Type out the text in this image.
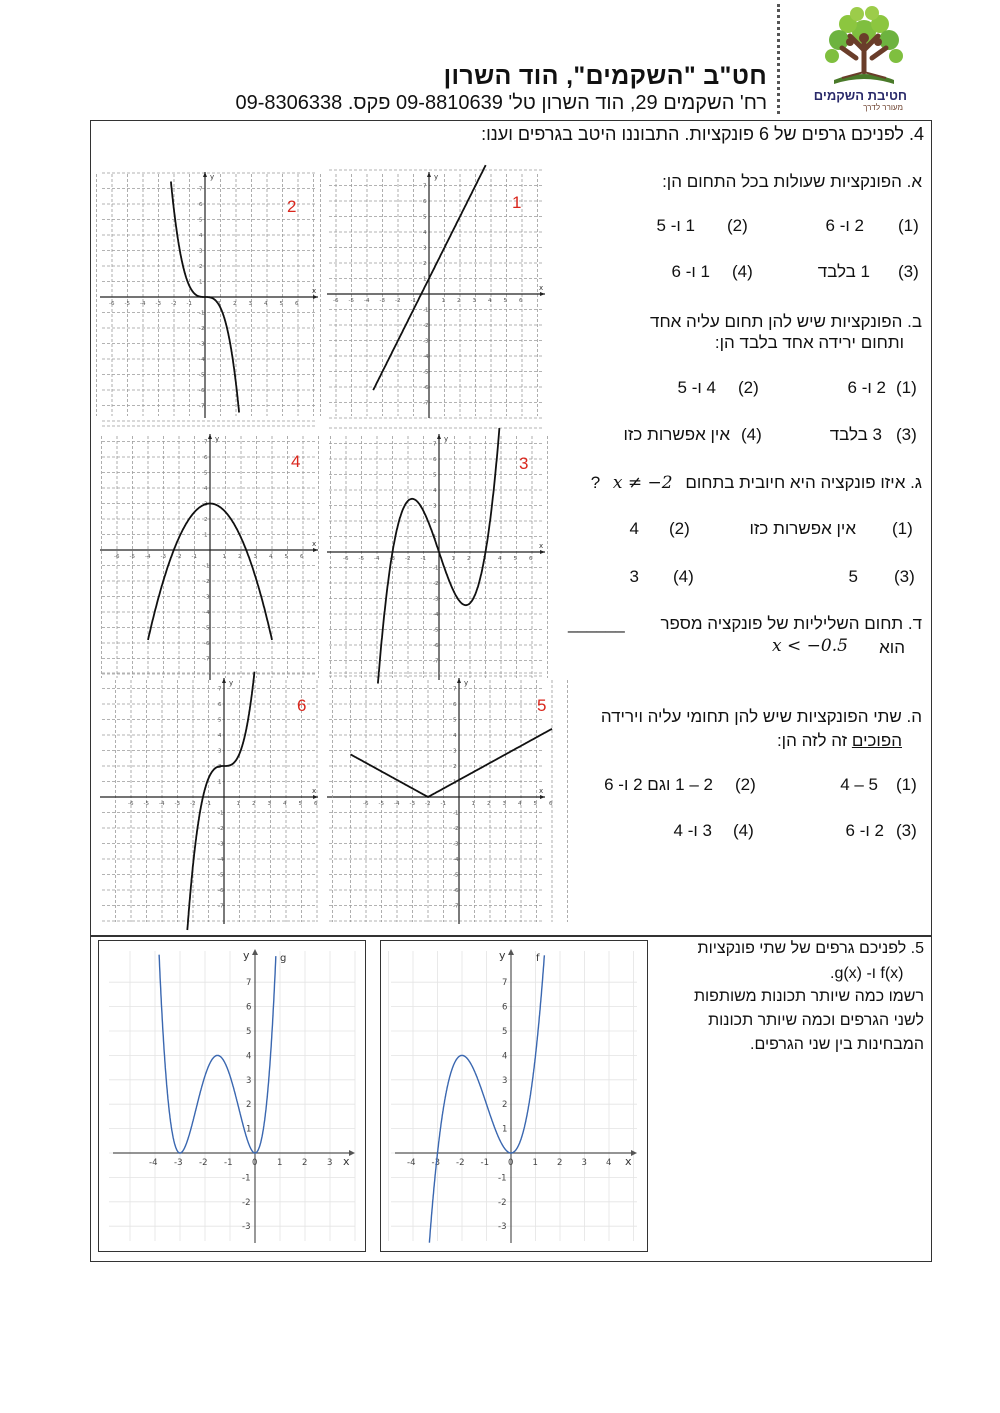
חט"ב "השקמים", הוד השרון
רח' השקמים 29, הוד השרון טל' 09-8810639 פקס. 09-8306338	חטיבת השקמים
מעורר לדרך
4. לפניכם גרפים של 6 פונקציות. התבוננו היטב בגרפים וענו:
x
y
-6 -5 -4 -3 -2 -1	1 2 3 4 5 6
-7
-6
-5
-4
-3
-2
-1
1
2
3
4
5
6
7
x
y
-6 -5 -4 -3 -2 -1	1 2 3 4 5 6
-7
-6
-5
-4
-3
-2
-1
1
2
3
4
5
6
7
x
y
-6 -5 -4 -3 -2 -1	1 2 3 4 5 6
-7
-6
-5
-4
-3
-2
-1
1
2
3
4
5
6
7
x
y
-6 -5 -4 -3 -2 -1	1 2 3 4 5 6
-7
-6
-5
-4
-3
-2
-1
1
2
3
4
5
6
7
x
y
-6 -5 -4 -3 -2 -1	1 2 3 4 5 6
-7
-6
-5
-4
-3
-2
-1
1
2
3
4
5
6
7
x
y
-6 -5 -4 -3 -2 -1	1 2 3 4 5 6
-7
-6
-5
-4
-3
-2
-1
1
2
3
4
5
6
7
1
2
3
4
5
6
א. הפונקציות שעולות בכל התחום הן:
(1)
2 ו- 6
(2)
1 ו- 5
(3)
1 בלבד
(4)
1 ו- 6
ב. הפונקציות שיש להן תחום עליה אחד
ותחום ירידה אחד בלבד הן:
(1)
2 ו- 6
(2)
4 ו- 5
(3)
3 בלבד
(4)
אין אפשרות כזו
? x ≠ −2 ג. איזו פונקציה היא חיובית בתחום
(1)
אין אפשרות כזו
(2)
4
(3)
5
(4)
3
ד. תחום השליליות של פונקציה מספר
______
הוא
x < −0.5
ה. שתי הפונקציות שיש להן תחומי עליה וירידה
הפוכים זה לזה הן:
(1)
4 – 5
(2)
2 – 1 וגם 2 ו- 6
(3)
2 ו- 6
(4)
3 ו- 4
x
y	g
-4 -3 -2 -1 0 1 2 3
7
6
5
4
3
2
1
-1
-2
-3
x
y	f
-4 -3 -2 -1 0 1 2 3 4
7
6
5
4
3
2
1
-1
-2
-3
5. לפניכם גרפים של שתי פונקציות
f(x) ו- g(x).
רשמו כמה שיותר תכונות משותפות
לשני הגרפים וכמה שיותר תכונות
המבחינות בין שני הגרפים.
